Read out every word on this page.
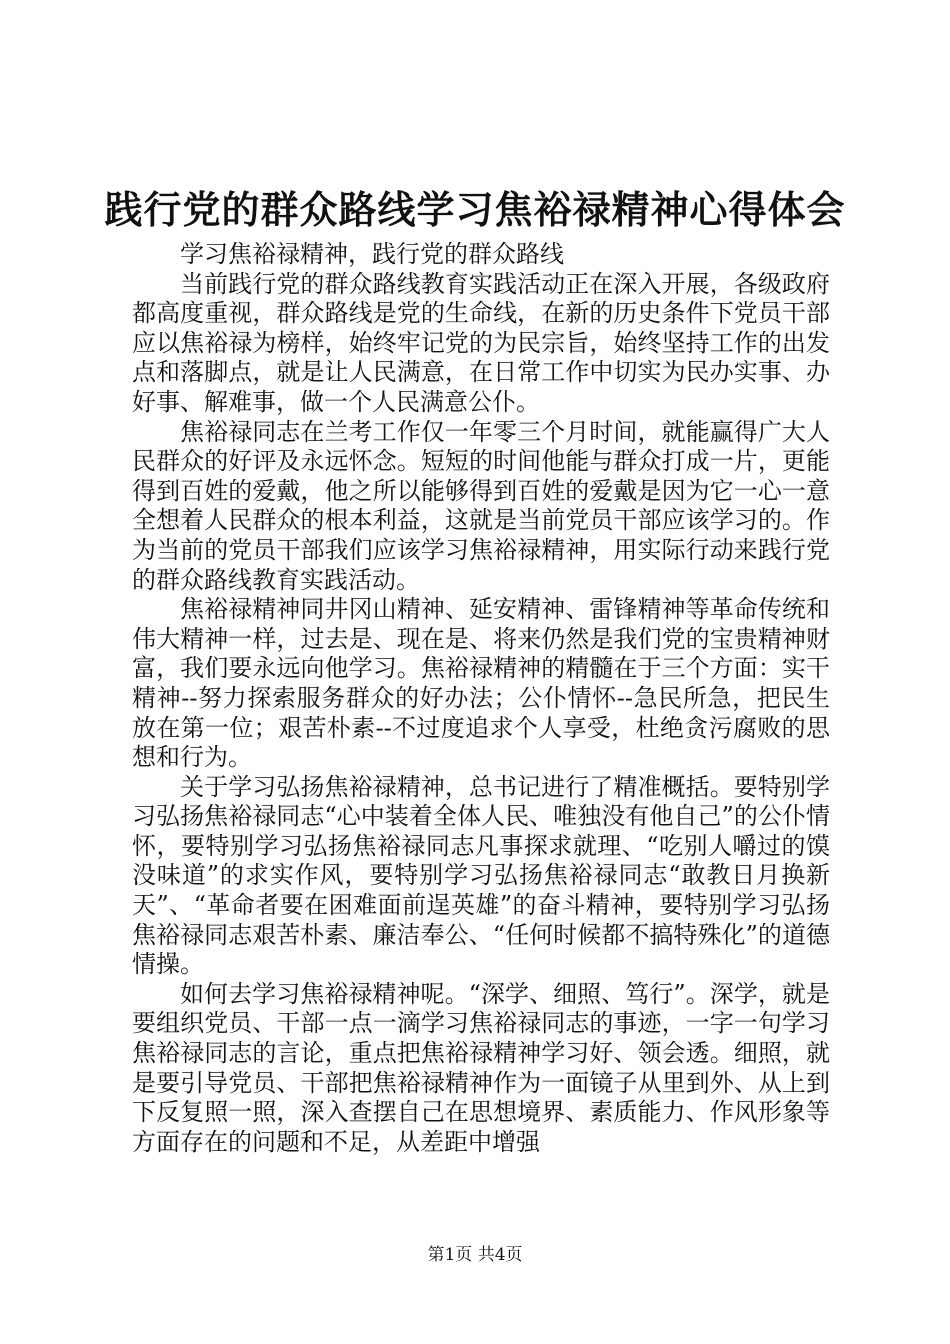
践行党的群众路线学习焦裕禄精神心得体会

学习焦裕禄精神，践行党的群众路线

当前践行党的群众路线教育实践活动正在深入开展，各级政府都高度重视，群众路线是党的生命线，在新的历史条件下党员干部应以焦裕禄为榜样，始终牢记党的为民宗旨，始终坚持工作的出发点和落脚点，就是让人民满意，在日常工作中切实为民办实事、办好事、解难事，做一个人民满意公仆。

焦裕禄同志在兰考工作仅一年零三个月时间，就能赢得广大人民群众的好评及永远怀念。短短的时间他能与群众打成一片，更能得到百姓的爱戴，他之所以能够得到百姓的爱戴是因为它一心一意全想着人民群众的根本利益，这就是当前党员干部应该学习的。作为当前的党员干部我们应该学习焦裕禄精神，用实际行动来践行党的群众路线教育实践活动。

焦裕禄精神同井冈山精神、延安精神、雷锋精神等革命传统和伟大精神一样，过去是、现在是、将来仍然是我们党的宝贵精神财富，我们要永远向他学习。焦裕禄精神的精髓在于三个方面：实干精神--努力探索服务群众的好办法；公仆情怀--急民所急，把民生放在第一位；艰苦朴素--不过度追求个人享受，杜绝贪污腐败的思想和行为。

关于学习弘扬焦裕禄精神，总书记进行了精准概括。要特别学习弘扬焦裕禄同志“心中装着全体人民、唯独没有他自己”的公仆情怀，要特别学习弘扬焦裕禄同志凡事探求就理、“吃别人嚼过的馍没味道”的求实作风，要特别学习弘扬焦裕禄同志“敢教日月换新天”、“革命者要在困难面前逞英雄”的奋斗精神，要特别学习弘扬焦裕禄同志艰苦朴素、廉洁奉公、“任何时候都不搞特殊化”的道德情操。

如何去学习焦裕禄精神呢。“深学、细照、笃行”。深学，就是要组织党员、干部一点一滴学习焦裕禄同志的事迹，一字一句学习焦裕禄同志的言论，重点把焦裕禄精神学习好、领会透。细照，就是要引导党员、干部把焦裕禄精神作为一面镜子从里到外、从上到下反复照一照，深入查摆自己在思想境界、素质能力、作风形象等方面存在的问题和不足，从差距中增强

第1页 共4页
